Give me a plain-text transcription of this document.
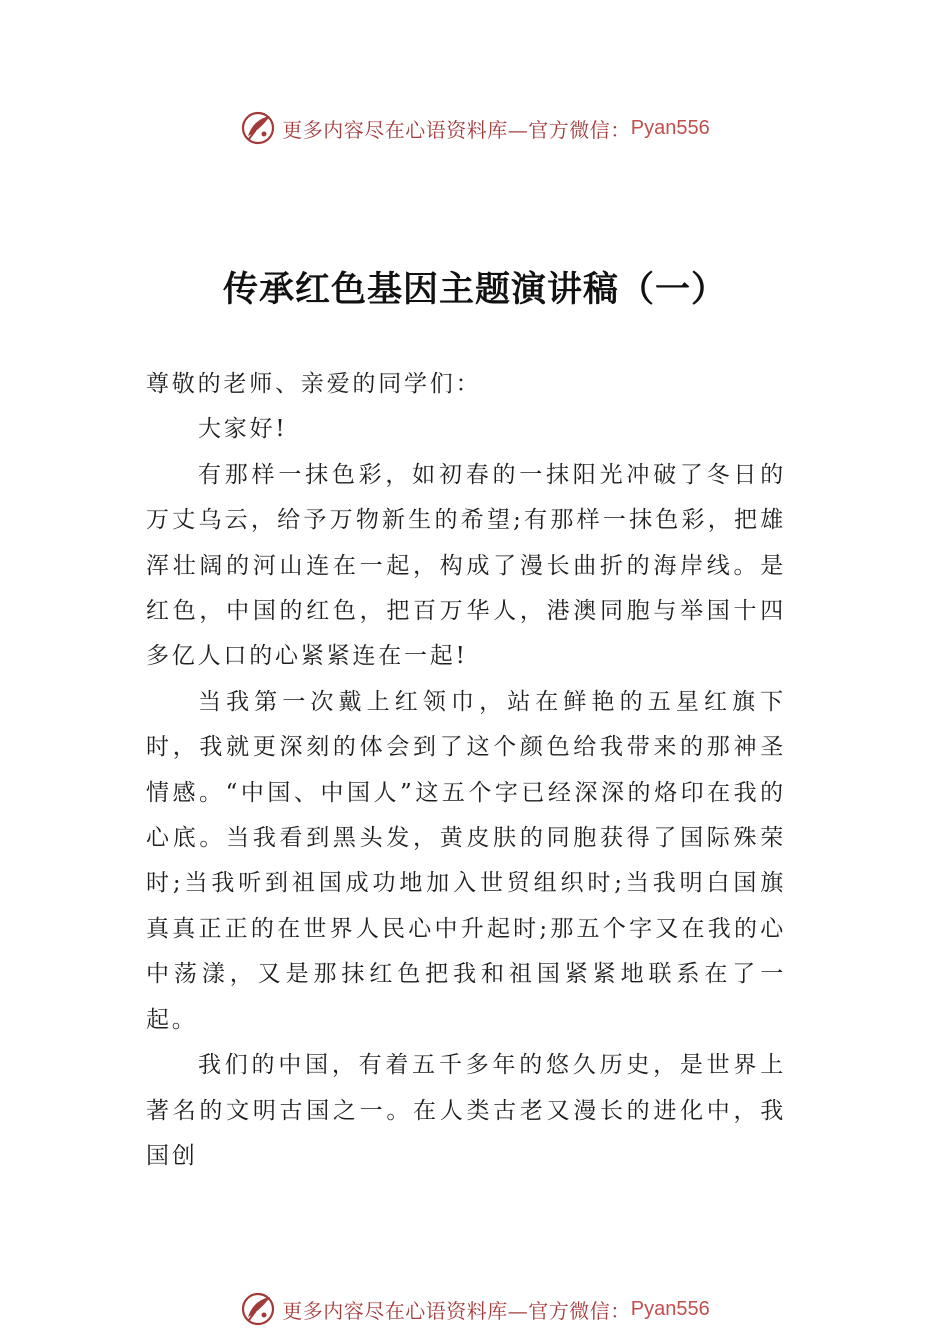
更多内容尽在心语资料库—官方微信： Pyan556
传承红色基因主题演讲稿（一）

尊敬的老师、亲爱的同学们：

大家好!

有那样一抹色彩，如初春的一抹阳光冲破了冬日的万丈乌云，给予万物新生的希望;有那样一抹色彩，把雄浑壮阔的河山连在一起，构成了漫长曲折的海岸线。是红色，中国的红色，把百万华人，港澳同胞与举国十四多亿人口的心紧紧连在一起!

当我第一次戴上红领巾，站在鲜艳的五星红旗下时，我就更深刻的体会到了这个颜色给我带来的那神圣情感。“中国、中国人”这五个字已经深深的烙印在我的心底。当我看到黑头发，黄皮肤的同胞获得了国际殊荣时;当我听到祖国成功地加入世贸组织时;当我明白国旗真真正正的在世界人民心中升起时;那五个字又在我的心中荡漾，又是那抹红色把我和祖国紧紧地联系在了一起。

我们的中国，有着五千多年的悠久历史，是世界上著名的文明古国之一。在人类古老又漫长的进化中，我国创

更多内容尽在心语资料库—官方微信： Pyan556
